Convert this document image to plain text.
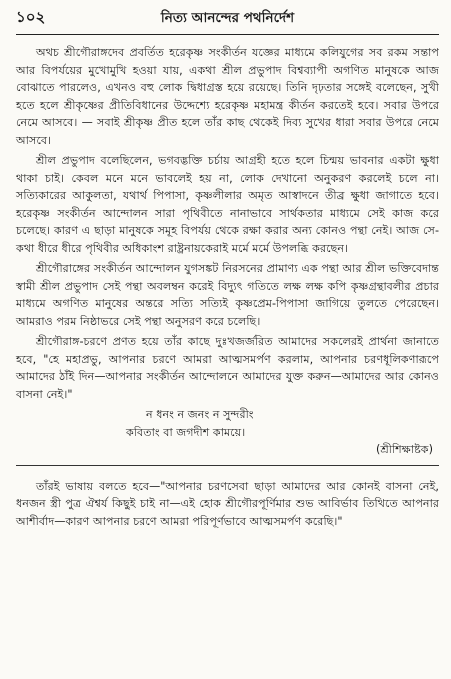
১০২	নিত্য আনন্দের পথনির্দেশ

অথচ শ্রীগৌরাঙ্গদেব প্রবর্তিত হরেকৃষ্ণ সংকীর্তন যজ্ঞের মাধ্যমে কলিযুগের সব রকম সন্তাপ আর বিপর্যয়ের মুখোমুখি হওয়া যায়, একথা শ্রীল প্রভুপাদ বিশ্বব্যাপী অগণিত মানুষকে আজ বোঝাতে পারলেও, এখনও বহু লোক দ্বিধাগ্রস্ত হয়ে রয়েছে। তিনি দৃঢ়তার সঙ্গেই বলেছেন, সুখী হতে হলে শ্রীকৃষ্ণের প্রীতিবিধানের উদ্দেশ্যে হরেকৃষ্ণ মহামন্ত্র কীর্তন করতেই হবে। সবার উপরে নেমে আসবে। — সবাই শ্রীকৃষ্ণ প্রীত হলে তাঁর কাছ থেকেই দিব্য সুখের ধারা সবার উপরে নেমে আসবে।

শ্রীল প্রভুপাদ বলেছিলেন, ভগবদ্ভক্তি চর্চায় আগ্রহী হতে হলে চিন্ময় ভাবনার একটা ক্ষুধা থাকা চাই। কেবল মনে মনে ভাবলেই হয় না, লোক দেখানো অনুকরণ করলেই চলে না। সত্যিকারের আকুলতা, যথার্থ পিপাসা, কৃষ্ণলীলার অমৃত আস্বাদনে তীব্র ক্ষুধা জাগাতে হবে। হরেকৃষ্ণ সংকীর্তন আন্দোলন সারা পৃথিবীতে নানাভাবে সার্থকতার মাধ্যমে সেই কাজ করে চলেছে। কারণ এ ছাড়া মানুষকে সমূহ বিপর্যয় থেকে রক্ষা করার অন্য কোনও পন্থা নেই। আজ সে-কথা ধীরে ধীরে পৃথিবীর অধিকাংশ রাষ্ট্রনায়কেরাই মর্মে মর্মে উপলব্ধি করছেন।

শ্রীগৌরাঙ্গের সংকীর্তন আন্দোলন যুগসঙ্কট নিরসনের প্রামাণ্য এক পন্থা আর শ্রীল ভক্তিবেদান্ত স্বামী শ্রীল প্রভুপাদ সেই পন্থা অবলম্বন করেই বিদ্যুৎ গতিতে লক্ষ লক্ষ কপি কৃষ্ণগ্রন্থাবলীর প্রচার মাধ্যমে অগণিত মানুষের অন্তরে সত্যি সত্যিই কৃষ্ণপ্রেম-পিপাসা জাগিয়ে তুলতে পেরেছেন। আমরাও পরম নিষ্ঠাভরে সেই পন্থা অনুসরণ করে চলেছি।

শ্রীগৌরাঙ্গ-চরণে প্রণত হয়ে তাঁর কাছে দুঃখজর্জরিত আমাদের সকলেরই প্রার্থনা জানাতে হবে, "হে মহাপ্রভু, আপনার চরণে আমরা আত্মসমর্পণ করলাম, আপনার চরণধূলিকণারূপে আমাদের ঠাঁই দিন—আপনার সংকীর্তন আন্দোলনে আমাদের যুক্ত করুন—আমাদের আর কোনও বাসনা নেই।"

ন ধনং ন জনং ন সুন্দরীং
কবিতাং বা জগদীশ কাময়ে।
(শ্রীশিক্ষাষ্টক)

তাঁরই ভাষায় বলতে হবে—"আপনার চরণসেবা ছাড়া আমাদের আর কোনই বাসনা নেই, ধনজন স্ত্রী পুত্র ঐশ্বর্য কিছুই চাই না—এই হোক শ্রীগৌরপূর্ণিমার শুভ আবির্ভাব তিথিতে আপনার আশীর্বাদ—কারণ আপনার চরণে আমরা পরিপূর্ণভাবে আত্মসমর্পণ করেছি।"
